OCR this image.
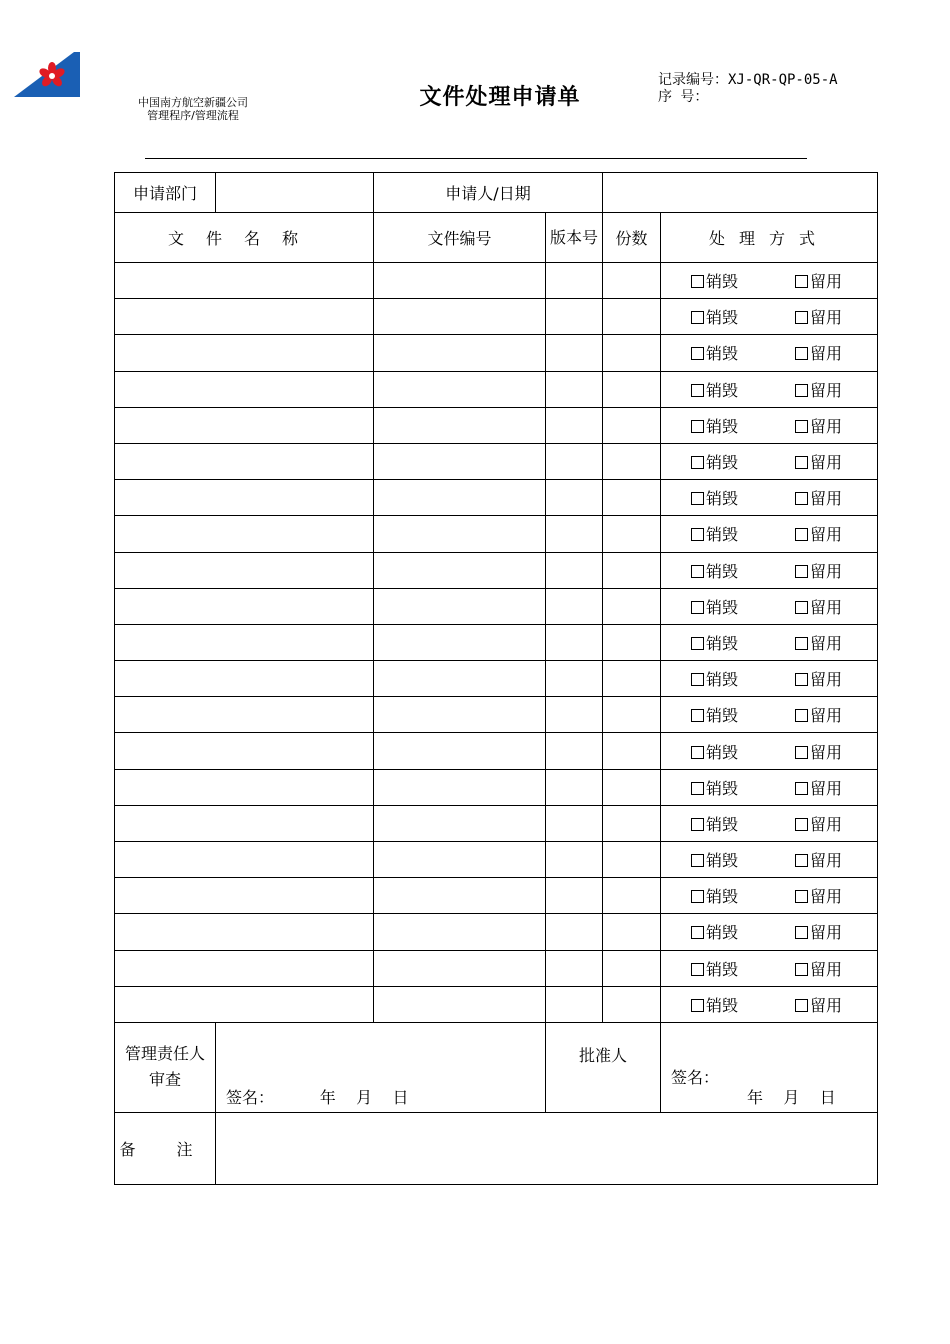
中国南方航空新疆公司
管理程序/管理流程
文件处理申请单
记录编号：XJ-QR-QP-05-A
序 号：
申请部门		申请人/日期			
文件名称		文件编号	版本号	份数	处理方式
					销毁 留用
					销毁 留用
					销毁 留用
					销毁 留用
					销毁 留用
					销毁 留用
					销毁 留用
					销毁 留用
					销毁 留用
					销毁 留用
					销毁 留用
					销毁 留用
					销毁 留用
					销毁 留用
					销毁 留用
					销毁 留用
					销毁 留用
					销毁 留用
					销毁 留用
					销毁 留用
					销毁 留用
管理责任人审查	签名：         年    月    日		批准人		签名：
年    月    日

备 注					
